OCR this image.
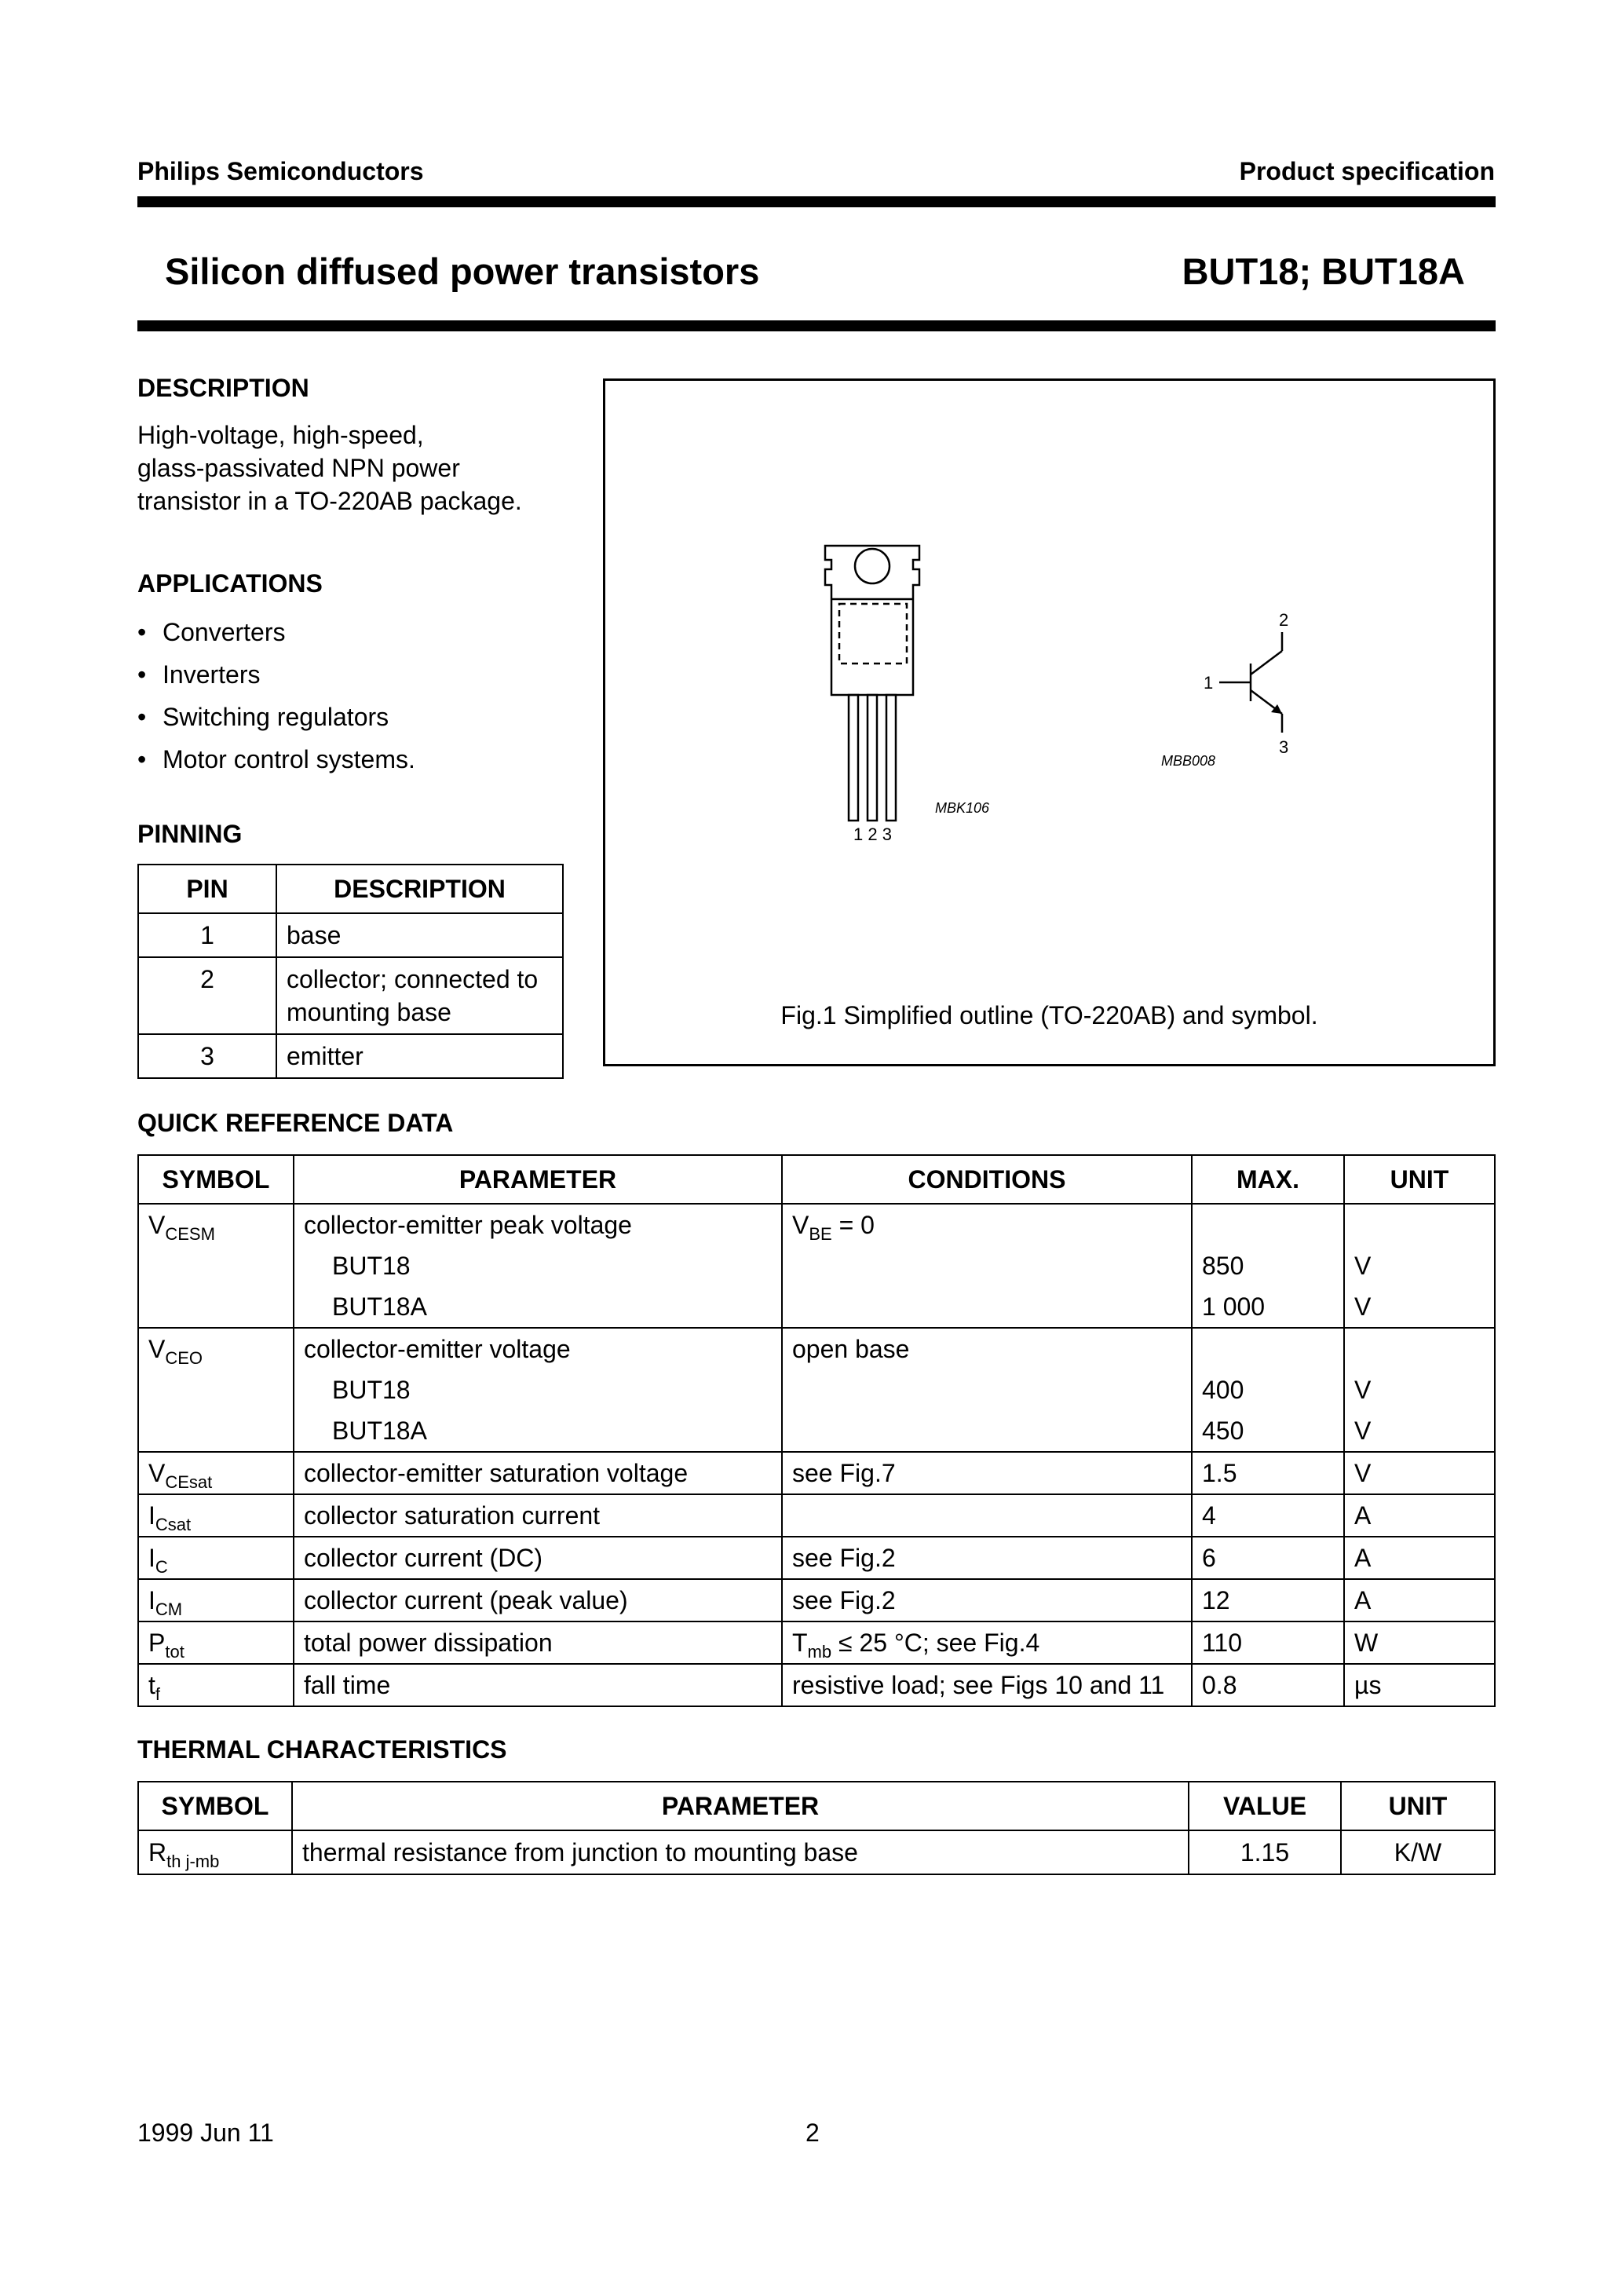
Philips Semiconductors	Product specification
Silicon diffused power transistors	BUT18; BUT18A
DESCRIPTION
High-voltage, high-speed,
glass-passivated NPN power
transistor in a TO-220AB package.
APPLICATIONS
• Converters
• Inverters
• Switching regulators
• Motor control systems.
PINNING
PIN	DESCRIPTION
1	base
2	collector; connected to
mounting base

3	emitter
1 2 3
MBK106
2
1
3
MBB008
Fig.1 Simplified outline (TO-220AB) and symbol.
QUICK REFERENCE DATA
SYMBOL	PARAMETER	CONDITIONS	MAX.	UNIT
$V_{CESM}$	collector-emitter peak voltage	$V_{BE} = 0$		
	BUT18		850	V
	BUT18A		1 000	V
$V_{CEO}$	collector-emitter voltage	open base		
	BUT18		400	V
	BUT18A		450	V
$V_{CEsat}$	collector-emitter saturation voltage	see Fig.7	1.5	V
$I_{Csat}$	collector saturation current		4	A
$I_C$	collector current (DC)	see Fig.2	6	A
$I_{CM}$	collector current (peak value)	see Fig.2	12	A
$P_{tot}$	total power dissipation	$T_{mb} \le 25$ °C; see Fig.4	110	W
$t_f$	fall time	resistive load; see Figs 10 and 11	0.8	µs
THERMAL CHARACTERISTICS
SYMBOL	PARAMETER	VALUE	UNIT
$R_{th j-mb}$	thermal resistance from junction to mounting base	1.15	K/W
1999 Jun 11	2
